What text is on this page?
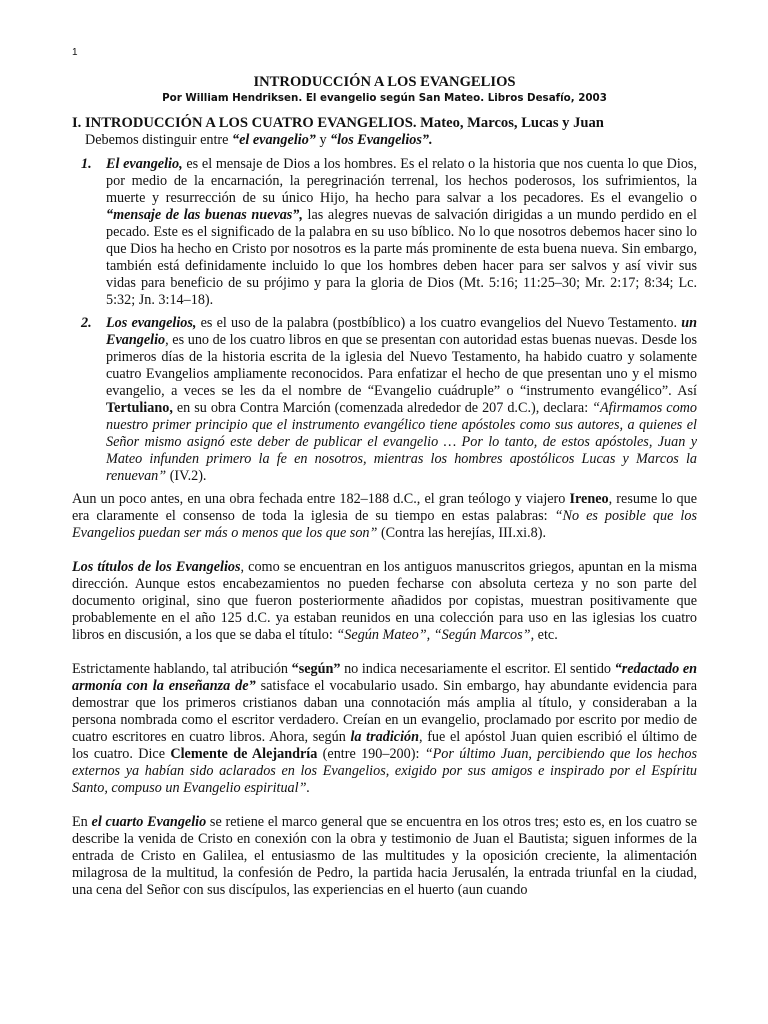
1
INTRODUCCIÓN A LOS EVANGELIOS
Por William Hendriksen. El evangelio según San Mateo. Libros Desafío, 2003
I. INTRODUCCIÓN A LOS CUATRO EVANGELIOS. Mateo, Marcos, Lucas y Juan

Debemos distinguir entre “el evangelio” y “los Evangelios”.

1. El evangelio, es el mensaje de Dios a los hombres. Es el relato o la historia que nos cuenta lo que Dios, por medio de la encarnación, la peregrinación terrenal, los hechos poderosos, los sufrimientos, la muerte y resurrección de su único Hijo, ha hecho para salvar a los pecadores. Es el evangelio o “mensaje de las buenas nuevas”, las alegres nuevas de salvación dirigidas a un mundo perdido en el pecado. Este es el significado de la palabra en su uso bíblico. No lo que nosotros debemos hacer sino lo que Dios ha hecho en Cristo por nosotros es la parte más prominente de esta buena nueva. Sin embargo, también está definidamente incluido lo que los hombres deben hacer para ser salvos y así vivir sus vidas para beneficio de su prójimo y para la gloria de Dios (Mt. 5:16; 11:25–30; Mr. 2:17; 8:34; Lc. 5:32; Jn. 3:14–18).
2. Los evangelios, es el uso de la palabra (postbíblico) a los cuatro evangelios del Nuevo Testamento. un Evangelio, es uno de los cuatro libros en que se presentan con autoridad estas buenas nuevas. Desde los primeros días de la historia escrita de la iglesia del Nuevo Testamento, ha habido cuatro y solamente cuatro Evangelios ampliamente reconocidos. Para enfatizar el hecho de que presentan uno y el mismo evangelio, a veces se les da el nombre de “Evangelio cuádruple” o “instrumento evangélico”. Así Tertuliano, en su obra Contra Marción (comenzada alrededor de 207 d.C.), declara: “Afirmamos como nuestro primer principio que el instrumento evangélico tiene apóstoles como sus autores, a quienes el Señor mismo asignó este deber de publicar el evangelio … Por lo tanto, de estos apóstoles, Juan y Mateo infunden primero la fe en nosotros, mientras los hombres apostólicos Lucas y Marcos la renuevan” (IV.2).

Aun un poco antes, en una obra fechada entre 182–188 d.C., el gran teólogo y viajero Ireneo, resume lo que era claramente el consenso de toda la iglesia de su tiempo en estas palabras: “No es posible que los Evangelios puedan ser más o menos que los que son” (Contra las herejías, III.xi.8).

Los títulos de los Evangelios, como se encuentran en los antiguos manuscritos griegos, apuntan en la misma dirección. Aunque estos encabezamientos no pueden fecharse con absoluta certeza y no son parte del documento original, sino que fueron posteriormente añadidos por copistas, muestran positivamente que probablemente en el año 125 d.C. ya estaban reunidos en una colección para uso en las iglesias los cuatro libros en discusión, a los que se daba el título: “Según Mateo”, “Según Marcos”, etc.

Estrictamente hablando, tal atribución “según” no indica necesariamente el escritor. El sentido “redactado en armonía con la enseñanza de” satisface el vocabulario usado. Sin embargo, hay abundante evidencia para demostrar que los primeros cristianos daban una connotación más amplia al título, y consideraban a la persona nombrada como el escritor verdadero. Creían en un evangelio, proclamado por escrito por medio de cuatro escritores en cuatro libros. Ahora, según la tradición, fue el apóstol Juan quien escribió el último de los cuatro. Dice Clemente de Alejandría (entre 190–200): “Por último Juan, percibiendo que los hechos externos ya habían sido aclarados en los Evangelios, exigido por sus amigos e inspirado por el Espíritu Santo, compuso un Evangelio espiritual”.

En el cuarto Evangelio se retiene el marco general que se encuentra en los otros tres; esto es, en los cuatro se describe la venida de Cristo en conexión con la obra y testimonio de Juan el Bautista; siguen informes de la entrada de Cristo en Galilea, el entusiasmo de las multitudes y la oposición creciente, la alimentación milagrosa de la multitud, la confesión de Pedro, la partida hacia Jerusalén, la entrada triunfal en la ciudad, una cena del Señor con sus discípulos, las experiencias en el huerto (aun cuando
